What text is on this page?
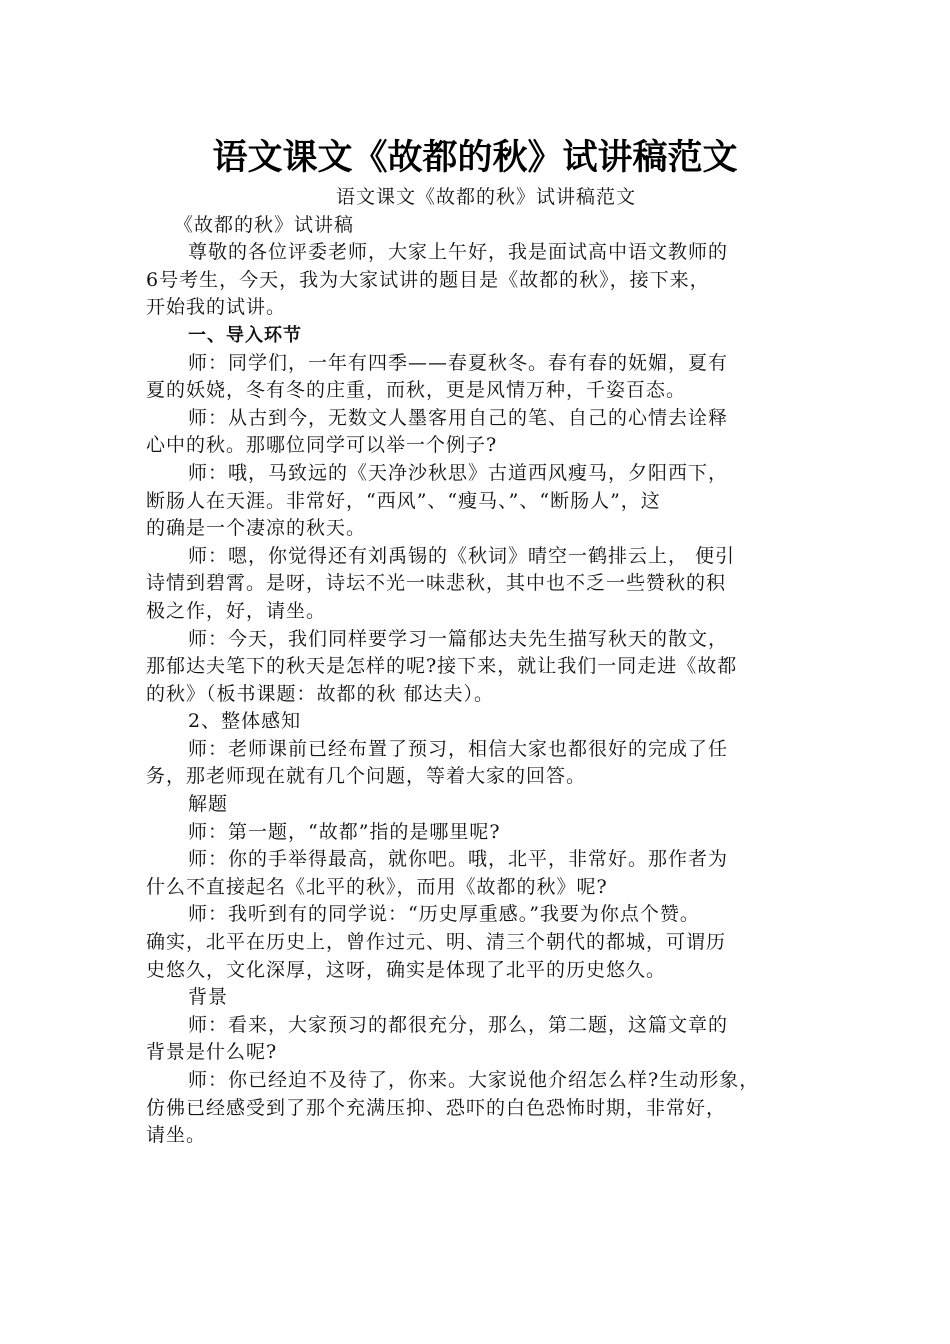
语文课文《故都的秋》试讲稿范文
语文课文《故都的秋》试讲稿范文
《故都的秋》试讲稿
尊敬的各位评委老师，大家上午好，我是面试高中语文教师的
6号考生，今天，我为大家试讲的题目是《故都的秋》，接下来，
开始我的试讲。
一、导入环节
师：同学们，一年有四季——春夏秋冬。春有春的妩媚，夏有
夏的妖娆，冬有冬的庄重，而秋，更是风情万种，千姿百态。
师：从古到今，无数文人墨客用自己的笔、自己的心情去诠释
心中的秋。那哪位同学可以举一个例子?
师：哦，马致远的《天净沙秋思》古道西风瘦马，夕阳西下，
断肠人在天涯。非常好，“西风”、“瘦马、”、“断肠人”，这
的确是一个凄凉的秋天。
师：嗯，你觉得还有刘禹锡的《秋词》晴空一鹤排云上， 便引
诗情到碧霄。是呀，诗坛不光一味悲秋，其中也不乏一些赞秋的积
极之作，好，请坐。
师：今天，我们同样要学习一篇郁达夫先生描写秋天的散文，
那郁达夫笔下的秋天是怎样的呢?接下来，就让我们一同走进《故都
的秋》（板书课题：故都的秋 郁达夫）。
2、整体感知
师：老师课前已经布置了预习，相信大家也都很好的完成了任
务，那老师现在就有几个问题，等着大家的回答。
解题
师：第一题，“故都”指的是哪里呢?
师：你的手举得最高，就你吧。哦，北平，非常好。那作者为
什么不直接起名《北平的秋》，而用《故都的秋》呢?
师：我听到有的同学说：“历史厚重感。”我要为你点个赞。
确实，北平在历史上，曾作过元、明、清三个朝代的都城，可谓历
史悠久，文化深厚，这呀，确实是体现了北平的历史悠久。
背景
师：看来，大家预习的都很充分，那么，第二题，这篇文章的
背景是什么呢?
师：你已经迫不及待了，你来。大家说他介绍怎么样?生动形象，
仿佛已经感受到了那个充满压抑、恐吓的白色恐怖时期，非常好，
请坐。
